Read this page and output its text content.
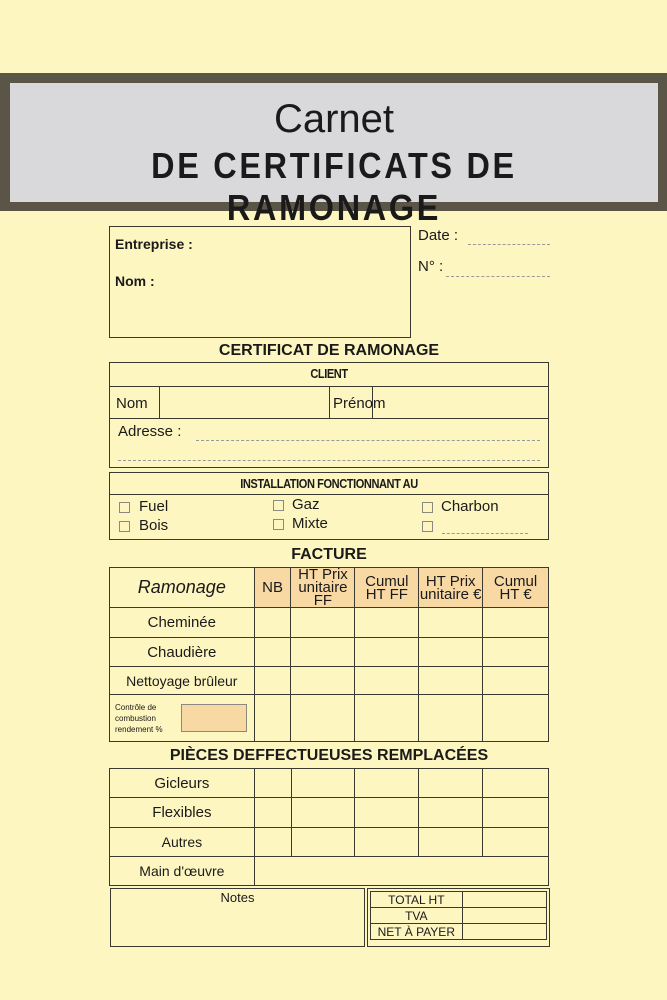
Carnet
DE CERTIFICATS DE RAMONAGE
Entreprise :
Nom :
Date :
N° :
CERTIFICAT DE RAMONAGE
CLIENT
Nom	Prénom
Adresse :
INSTALLATION FONCTIONNANT AU
Fuel
Bois
Gaz
Mixte
Charbon
FACTURE
Ramonage	NB	HT Prix unitaire FF	Cumul HT FF	HT Prix unitaire €	Cumul HT €
Cheminée					
Chaudière					
Nettoyage brûleur					
Contrôle de combustion rendement %					
PIÈCES DEFFECTUEUSES REMPLACÉES
Gicleurs					
Flexibles					
Autres					
Main d'œuvre					
Notes	TOTAL HT	
TVA	
NET À PAYER	
